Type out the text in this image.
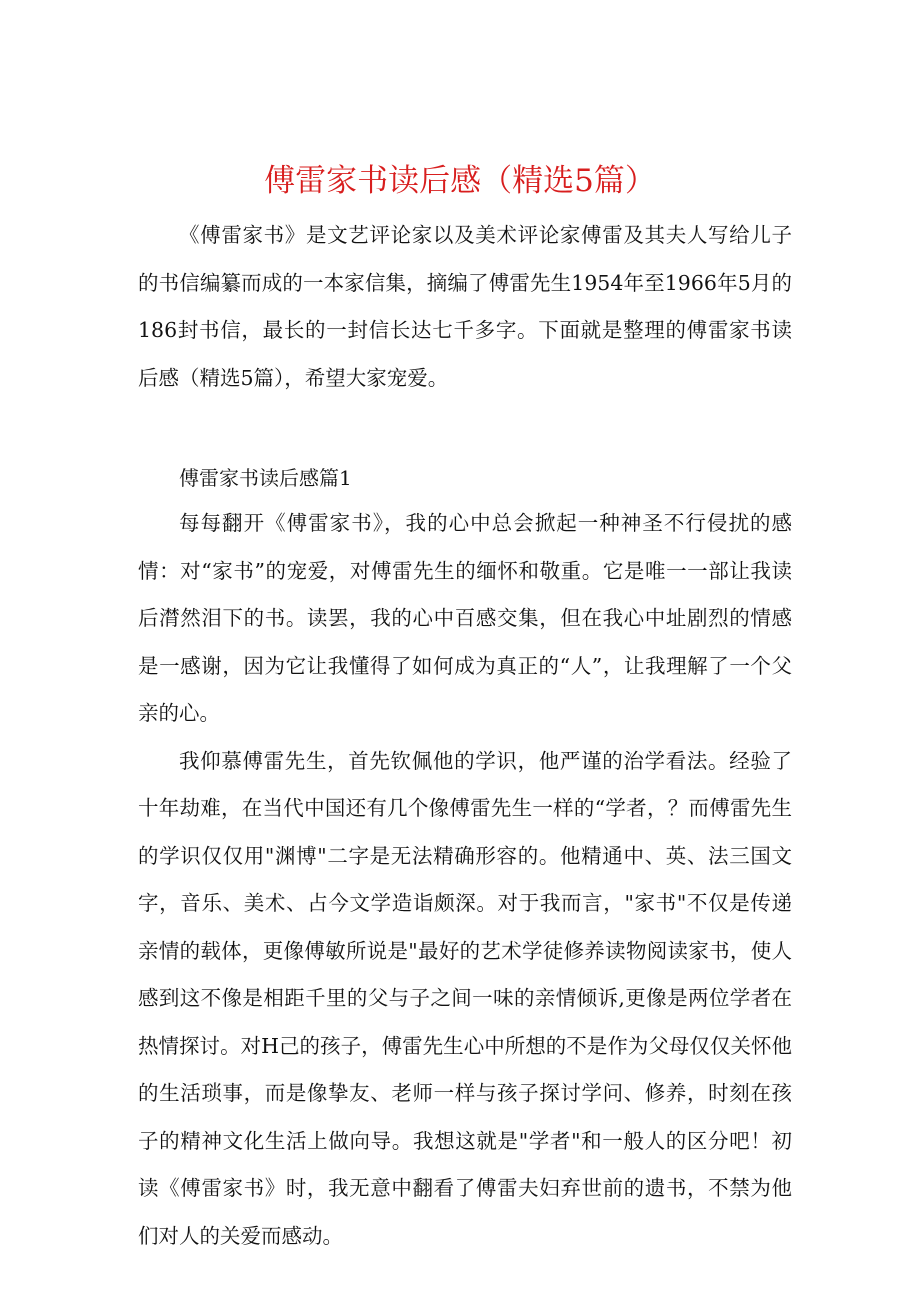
傅雷家书读后感（精选5篇）

《傅雷家书》是文艺评论家以及美术评论家傅雷及其夫人写给儿子的书信编纂而成的一本家信集，摘编了傅雷先生1954年至1966年5月的186封书信，最长的一封信长达七千多字。下面就是整理的傅雷家书读后感（精选5篇），希望大家宠爱。

傅雷家书读后感篇1

每每翻开《傅雷家书》，我的心中总会掀起一种神圣不行侵扰的感情：对“家书”的宠爱，对傅雷先生的缅怀和敬重。它是唯一一部让我读后潸然泪下的书。读罢，我的心中百感交集，但在我心中址剧烈的情感是一感谢，因为它让我懂得了如何成为真正的“人”，让我理解了一个父亲的心。

我仰慕傅雷先生，首先钦佩他的学识，他严谨的治学看法。经验了十年劫难，在当代中国还有几个像傅雷先生一样的“学者，？而傅雷先生的学识仅仅用"渊博"二字是无法精确形容的。他精通中、英、法三国文字，音乐、美术、占今文学造诣颇深。对于我而言，"家书"不仅是传递亲情的载体，更像傅敏所说是"最好的艺术学徒修养读物阅读家书，使人感到这不像是相距千里的父与子之间一味的亲情倾诉,更像是两位学者在热情探讨。对H己的孩子，傅雷先生心中所想的不是作为父母仅仅关怀他的生活琐事，而是像挚友、老师一样与孩子探讨学问、修养，时刻在孩子的精神文化生活上做向导。我想这就是"学者"和一般人的区分吧！初读《傅雷家书》时，我无意中翻看了傅雷夫妇弃世前的遗书，不禁为他们对人的关爱而感动。
